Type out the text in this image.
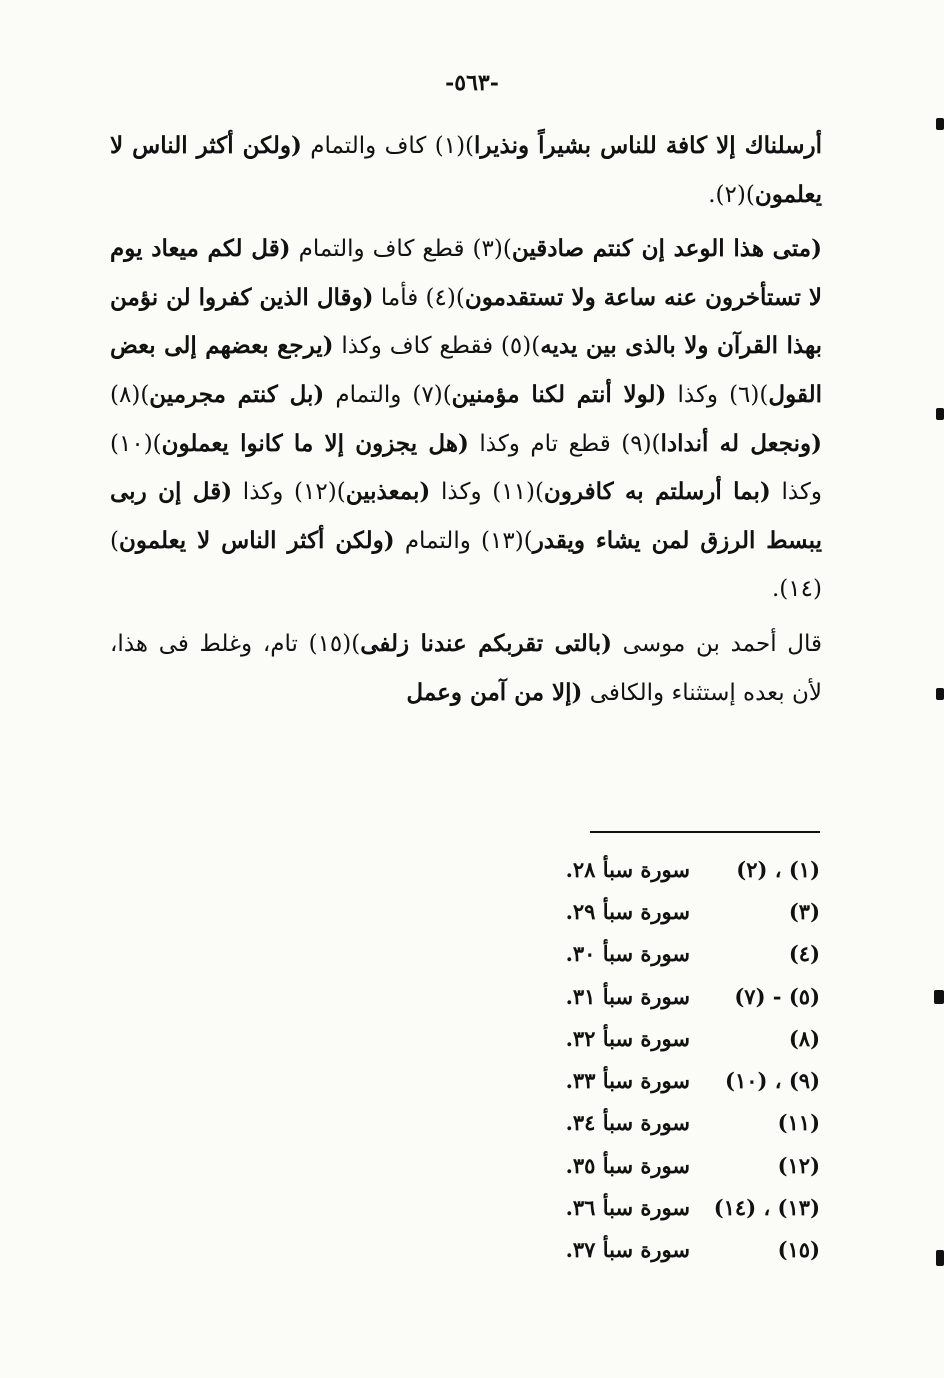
-٥٦٣-

أرسلناك إلا كافة للناس بشيراً ونذيرا)(١) كاف والتمام (ولكن أكثر الناس لا يعلمون)(٢).

(متى هذا الوعد إن كنتم صادقين)(٣) قطع كاف والتمام (قل لكم ميعاد يوم لا تستأخرون عنه ساعة ولا تستقدمون)(٤) فأما (وقال الذين كفروا لن نؤمن بهذا القرآن ولا بالذى بين يديه)(٥) فقطع كاف وكذا (يرجع بعضهم إلى بعض القول)(٦) وكذا (لولا أنتم لكنا مؤمنين)(٧) والتمام (بل كنتم مجرمين)(٨) (ونجعل له أندادا)(٩) قطع تام وكذا (هل يجزون إلا ما كانوا يعملون)(١٠) وكذا (بما أرسلتم به كافرون)(١١) وكذا (بمعذبين)(١٢) وكذا (قل إن ربى يبسط الرزق لمن يشاء ويقدر)(١٣) والتمام (ولكن أكثر الناس لا يعلمون)(١٤).

قال أحمد بن موسى (بالتى تقربكم عندنا زلفى)(١٥) تام، وغلط فى هذا، لأن بعده إستثناء والكافى (إلا من آمن وعمل

(١) ، (٢)
سورة سبأ ٢٨.
(٣)
سورة سبأ ٢٩.
(٤)
سورة سبأ ٣٠.
(٥) - (٧)
سورة سبأ ٣١.
(٨)
سورة سبأ ٣٢.
(٩) ، (١٠)
سورة سبأ ٣٣.
(١١)
سورة سبأ ٣٤.
(١٢)
سورة سبأ ٣٥.
(١٣) ، (١٤)
سورة سبأ ٣٦.
(١٥)
سورة سبأ ٣٧.
